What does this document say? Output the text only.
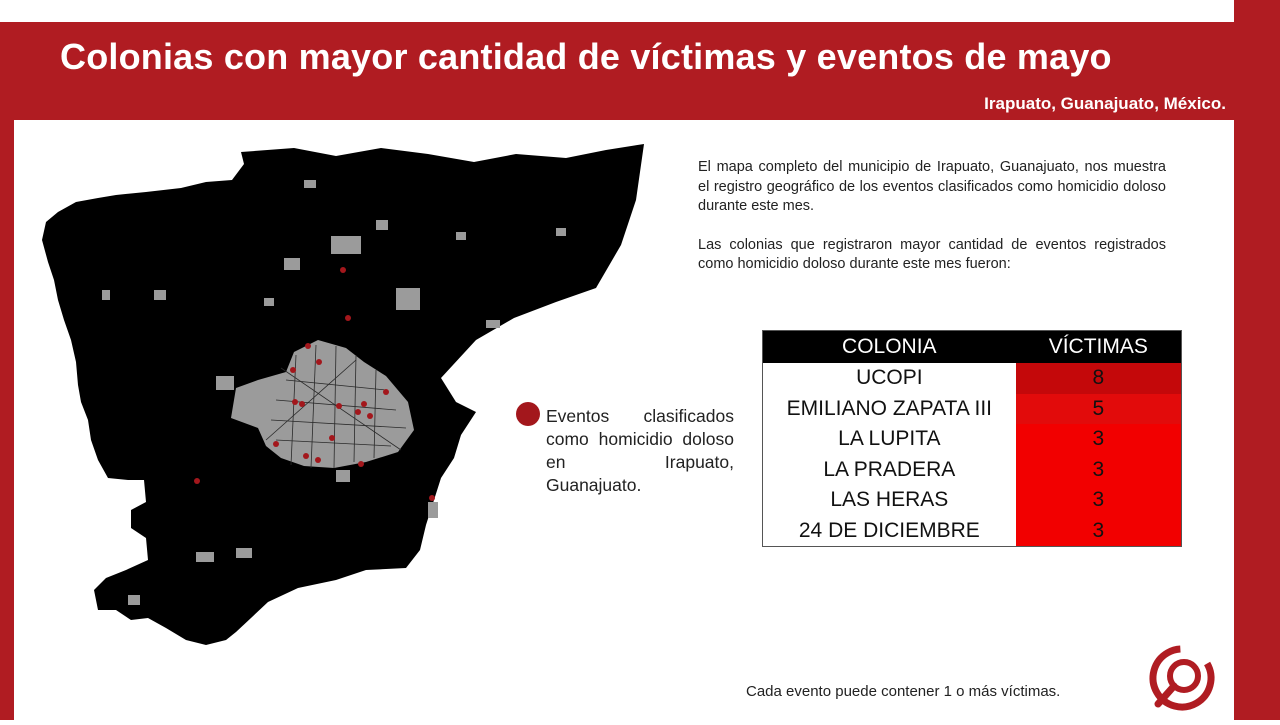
Colonias con mayor cantidad de víctimas y eventos de mayo
Irapuato, Guanajuato, México.

El mapa completo del municipio de Irapuato, Guanajuato, nos muestra el registro geográfico de los eventos clasificados como homicidio doloso durante este mes.

Las colonias que registraron mayor cantidad de eventos registrados como homicidio doloso durante este mes fueron:

Eventos clasificados como homicidio doloso en Irapuato, Guanajuato.
COLONIA	VÍCTIMAS
UCOPI	8
EMILIANO ZAPATA III	5
LA LUPITA	3
LA PRADERA	3
LAS HERAS	3
24 DE DICIEMBRE	3
Cada evento puede contener 1 o más víctimas.
